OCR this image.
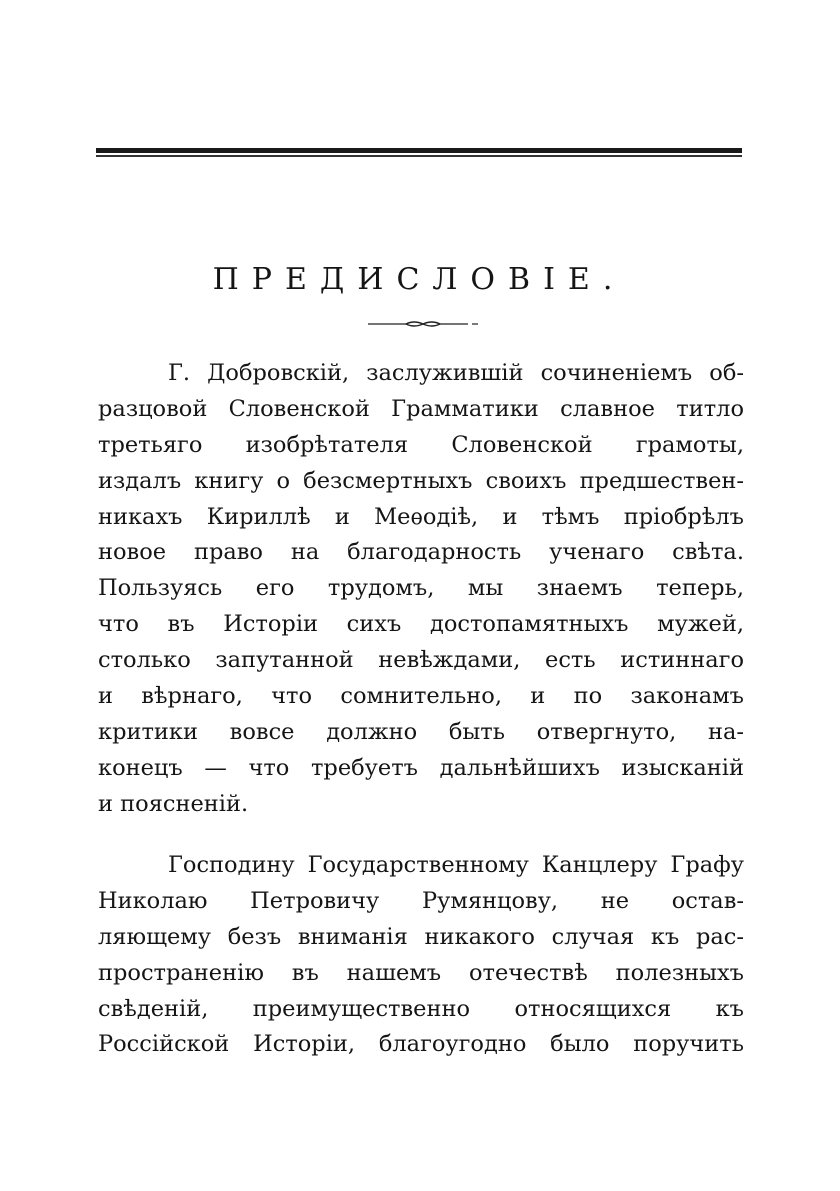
ПРЕДИСЛОВІЕ.
Г. Добровскій, заслужившій сочиненіемъ об-
разцовой Словенской Грамматики славное титло
третьяго изобрѣтателя Словенской грамоты,
издалъ книгу о безсмертныхъ своихъ предшествен-
никахъ Кириллѣ и Меѳодіѣ, и тѣмъ пріобрѣлъ
новое право на благодарность ученаго свѣта.
Пользуясь его трудомъ, мы знаемъ теперь,
что въ Исторіи сихъ достопамятныхъ мужей,
столько запутанной невѣждами, есть истиннаго
и вѣрнаго, что сомнительно, и по законамъ
критики вовсе должно быть отвергнуто, на-
конецъ — что требуетъ дальнѣйшихъ изысканій
и поясненій.
Господину Государственному Канцлеру Графу
Николаю Петровичу Румянцову, не остав-
ляющему безъ вниманія никакого случая къ рас-
пространенію въ нашемъ отечествѣ полезныхъ
свѣденій, преимущественно относящихся къ
Россійской Исторіи, благоугодно было поручить
